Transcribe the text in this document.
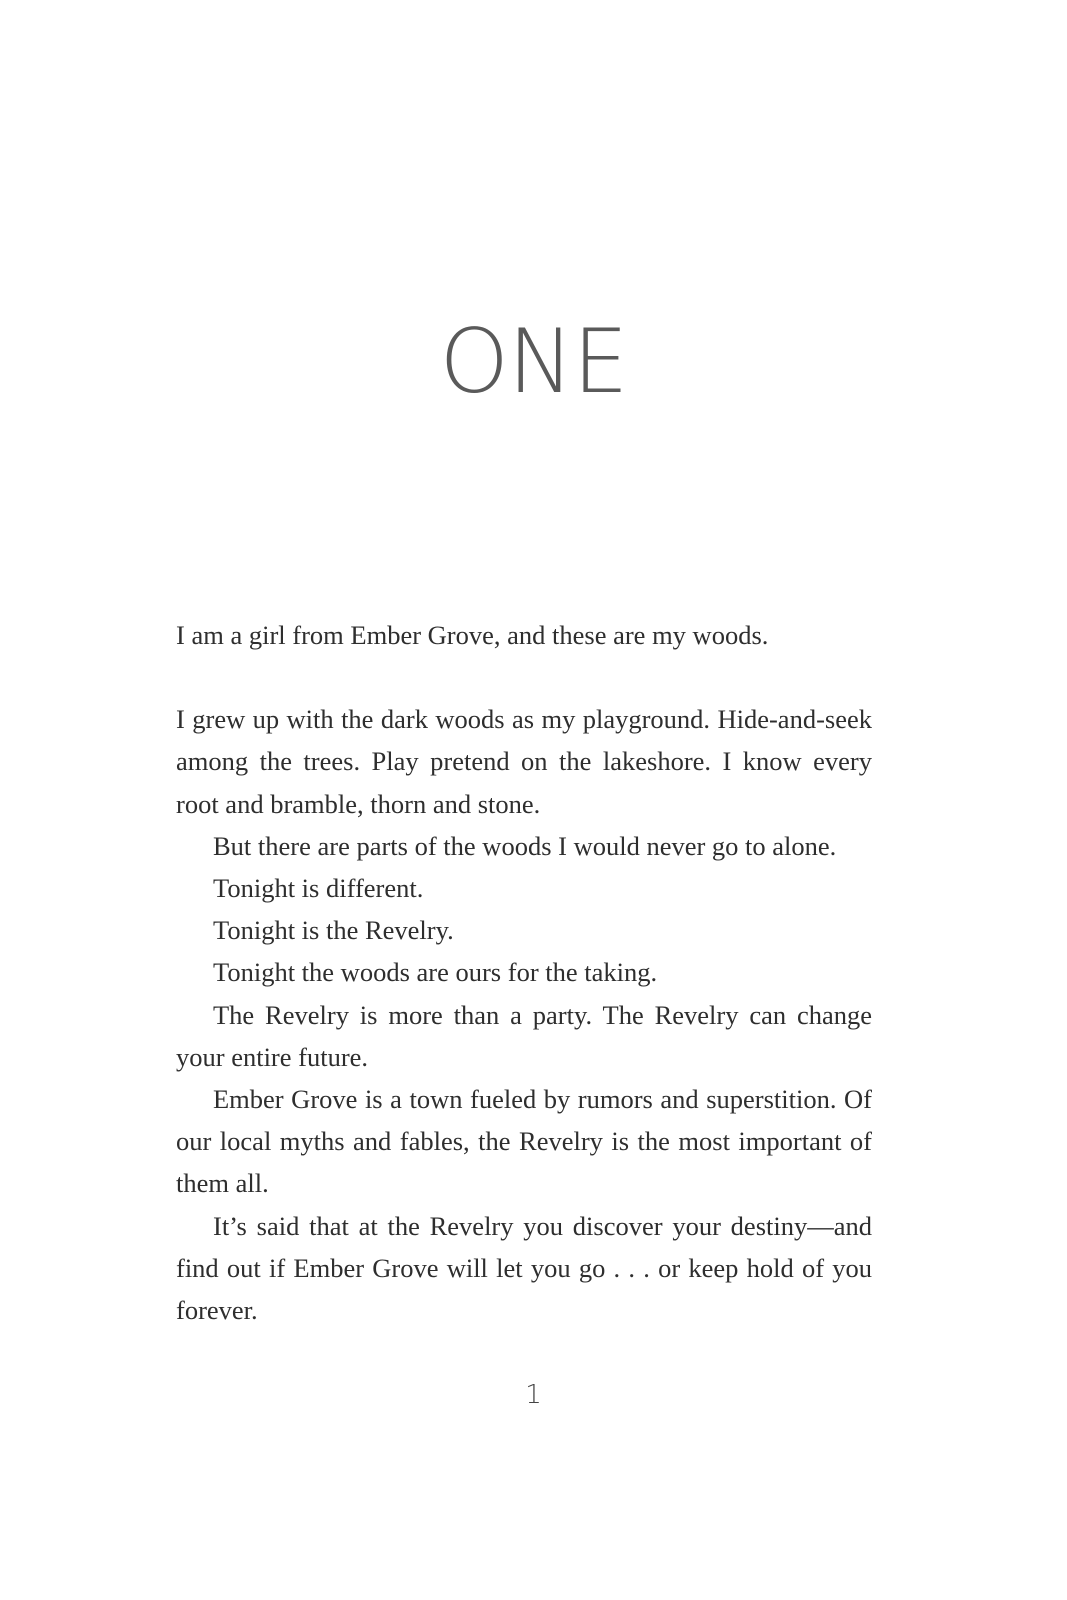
ONE

I am a girl from Ember Grove, and these are my woods.

I grew up with the dark woods as my playground. Hide-and-seek among the trees. Play pretend on the lakeshore. I know every root and bramble, thorn and stone.

But there are parts of the woods I would never go to alone.

Tonight is different.

Tonight is the Revelry.

Tonight the woods are ours for the taking.

The Revelry is more than a party. The Revelry can change your entire future.

Ember Grove is a town fueled by rumors and superstition. Of our local myths and fables, the Revelry is the most important of them all.

It’s said that at the Revelry you discover your destiny—and find out if Ember Grove will let you go . . . or keep hold of you forever.

1
